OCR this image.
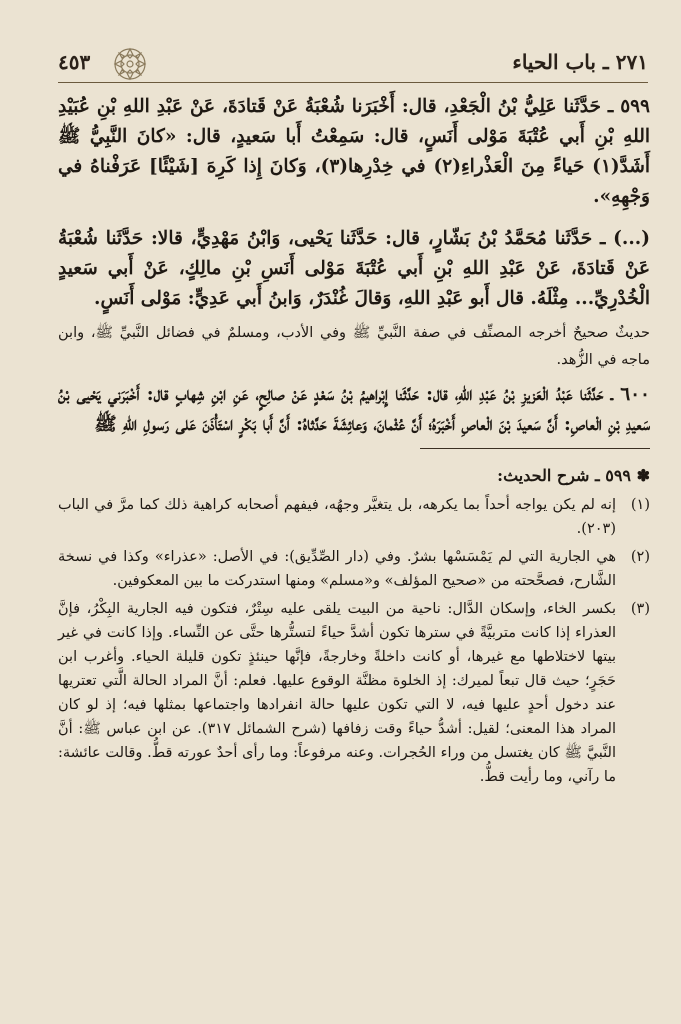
٢٧١ ـ باب الحياء
٤٥٣

٥٩٩ ـ حَدَّثَنا عَلِيُّ بْنُ الْجَعْدِ، قال: أَخْبَرَنا شُعْبَةُ عَنْ قَتادَةَ، عَنْ عَبْدِ اللهِ بْنِ عُبَيْدِ اللهِ بْنِ أَبي عُتْبَةَ مَوْلى أَنَسٍ، قال: سَمِعْتُ أَبا سَعيدٍ، قال: «كانَ النَّبِيُّ ﷺ أَشَدَّ(١) حَياءً مِنَ الْعَذْراءِ(٢) في خِدْرِها(٣)، وَكانَ إِذا كَرِهَ [شَيْئًا] عَرَفْناهُ في وَجْهِهِ».

(...) ـ حَدَّثَنا مُحَمَّدُ بْنُ بَشّارٍ، قال: حَدَّثَنا يَحْيى، وَابْنُ مَهْدِيٍّ، قالا: حَدَّثَنا شُعْبَةُ عَنْ قَتادَةَ، عَنْ عَبْدِ اللهِ بْنِ أَبي عُتْبَةَ مَوْلى أَنَسِ بْنِ مالِكٍ، عَنْ أَبي سَعيدٍ الْخُدْرِيِّ... مِثْلَهُ. قال أَبو عَبْدِ اللهِ، وَقالَ غُنْدَرٌ، وَابنُ أَبي عَدِيٍّ: مَوْلى أَنَسٍ.

حديثٌ صحيحٌ أخرجه المصنِّف في صفة النَّبيِّ ﷺ وفي الأدب، ومسلمٌ في فضائل النَّبيِّ ﷺ، وابن ماجه في الزُّهد.

٦٠٠ ـ حَدَّثَنا عَبْدُ الْعَزيزِ بْنُ عَبْدِ اللهِ، قال: حَدَّثَنا إِبْراهيمُ بْنُ سَعْدٍ عَنْ صالِحٍ، عَنِ ابْنِ شِهابٍ قال: أَخْبَرَني يَحْيى بْنُ سَعيدِ بْنِ الْعاصِ: أَنَّ سَعيدَ بْنَ الْعاصِ أَخْبَرَهُ؛ أَنَّ عُثْمانَ، وَعائِشَةَ حَدَّثاهُ: أَنَّ أَبا بَكْرٍ اسْتَأْذَنَ عَلى رَسولِ اللهِ ﷺ

✽ ٥٩٩ ـ شرح الحديث:

(١)
إنه لم يكن يواجه أحداً بما يكرهه، بل يتغيَّر وجهُه، فيفهم أصحابه كراهية ذلك كما مرَّ في الباب (٢٠٣).
(٢)
هي الجارية التي لم يَمْسَسْها بشرٌ. وفي (دار الصِّدِّيق): في الأصل: «عذراء» وكذا في نسخة الشَّارح، فصحَّحته من «صحيح المؤلف» و«مسلم» ومنها استدركت ما بين المعكوفين.
(٣)
بكسر الخاء، وإسكان الدَّال: ناحية من البيت يلقى عليه سِتْرٌ، فتكون فيه الجارية البِكْرُ، فإنَّ العذراء إذا كانت متربيَّةً في سترها تكون أشدَّ حياءً لتستُّرها حتَّى عن النِّساء. وإذا كانت في غير بيتها لاختلاطها مع غيرها، أو كانت داخلةً وخارجةً، فإنَّها حينئذٍ تكون قليلة الحياء. وأغرب ابن حَجَرٍ؛ حيث قال تبعاً لميرك: إذ الخلوة مظنَّة الوقوع عليها. فعلم: أنَّ المراد الحالة الَّتي تعتريها عند دخول أحدٍ عليها فيه، لا التي تكون عليها حالة انفرادها واجتماعها بمثلها فيه؛ إذ لو كان المراد هذا المعنى؛ لقيل: أشدُّ حياءً وقت زفافها (شرح الشمائل ٣١٧). عن ابن عباس ﷺ: أنَّ النَّبيَّ ﷺ كان يغتسل من وراء الحُجرات. وعنه مرفوعاً: وما رأى أحدٌ عورته قطُّ. وقالت عائشة: ما رآني، وما رأيت قطُّ.
